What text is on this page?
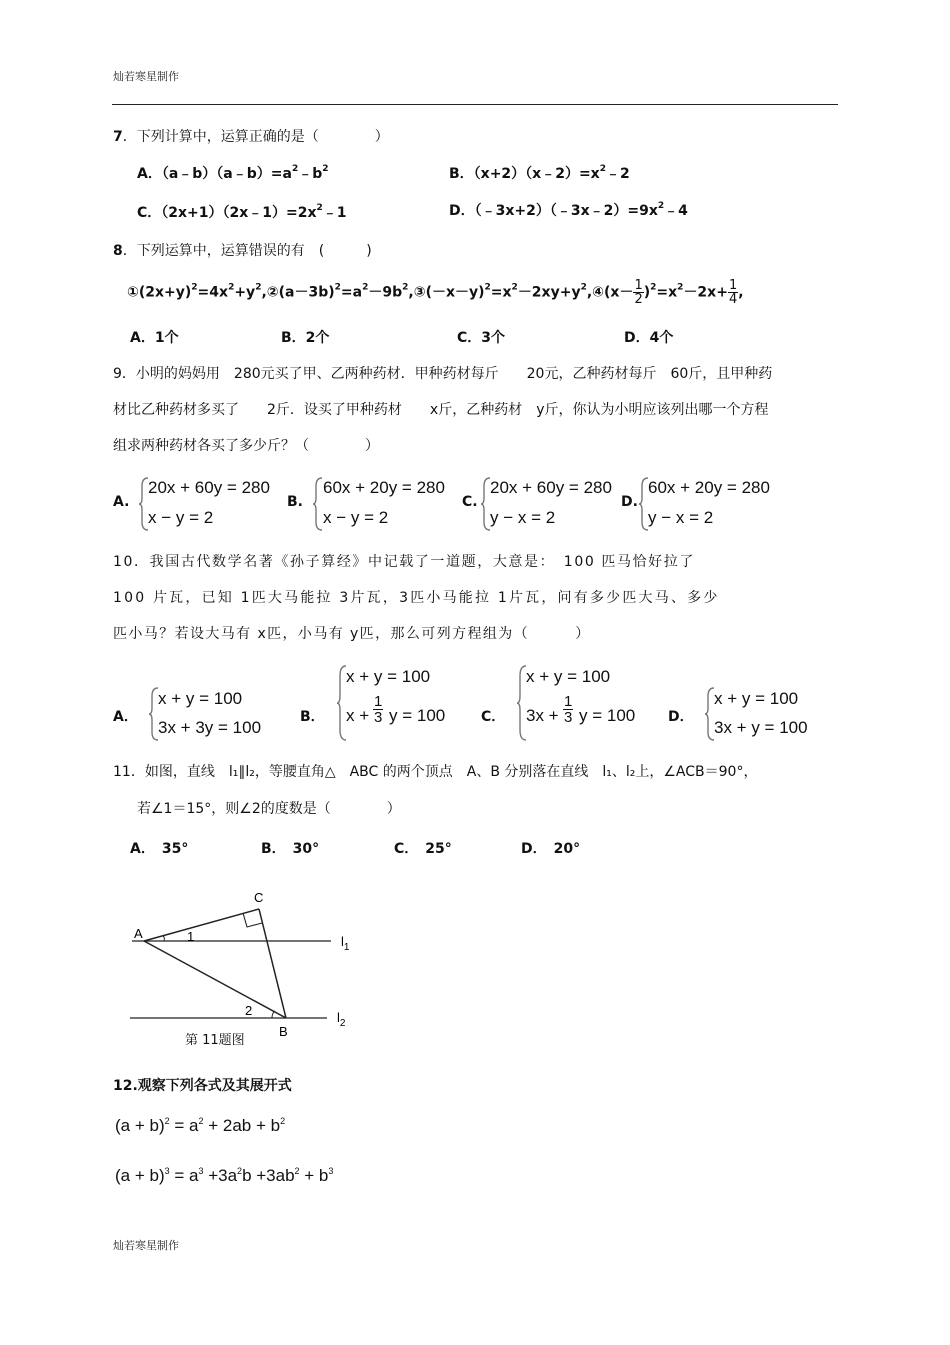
灿若寒星制作
灿若寒星制作
7．下列计算中，运算正确的是（　　　　）
A．$(a﹣b)(a﹣b)=a^2﹣b^2$	B．$(x+2)(x﹣2)=x^2﹣2$
C．$(2x+1)(2x﹣1)=2x^2﹣1$	D．$(﹣3x+2)(﹣3x﹣2)=9x^2﹣4$
8．下列运算中，运算错误的有　(　　　)
$①(2x+y)^2=4x^2+y^2,②(a-3b)^2=a^2-9b^2,③(-x-y)^2=x^2-2xy+y^2,④(x- \frac{1}{2} )^2=x^2-2x+ \frac{1}{4}$ ,
A．1个	B．2个	C．3个	D．4个
9．小明的妈妈用　280元买了甲、乙两种药材．甲种药材每斤　　20元，乙种药材每斤　60斤，且甲种药
材比乙种药材多买了　　2斤．设买了甲种药材　　x斤，乙种药材　y斤，你认为小明应该列出哪一个方程
组求两种药材各买了多少斤？（　　　　）
A.
20x + 60y = 280
x − y = 2
B.
60x + 20y = 280
x − y = 2
C.
20x + 60y = 280
y − x = 2
D.
60x + 20y = 280
y − x = 2
10．我国古代数学名著《孙子算经》中记载了一道题，大意是：　100 匹马恰好拉了
100 片瓦，已知 1匹大马能拉 3片瓦，3匹小马能拉 1片瓦，问有多少匹大马、多少
匹小马？若设大马有 x匹，小马有 y匹，那么可列方程组为（　　　）
A．
x + y = 100
3x + 3y = 100
B．
x + y = 100
$x + \frac{1}{3}$ y = 100	C．
x + y = 100
$3x + \frac{1}{3}$ y = 100 D．
x + y = 100
3x + y = 100
11．如图，直线　l₁∥l₂，等腰直角△　ABC 的两个顶点　A、B 分别落在直线　l₁、l₂上，∠ACB＝90°，
若∠1＝15°，则∠2的度数是（　　　　）
A．　35°	B．　30°	C．　25°	D．　20°
A
C
B
1
2
$l_1$
$l_2$
第 11题图
12.观察下列各式及其展开式
$(a + b)^2 = a^2 + 2ab + b^2$
$(a + b)^3 = a^3 +3a^2b +3ab^2 + b^3$
